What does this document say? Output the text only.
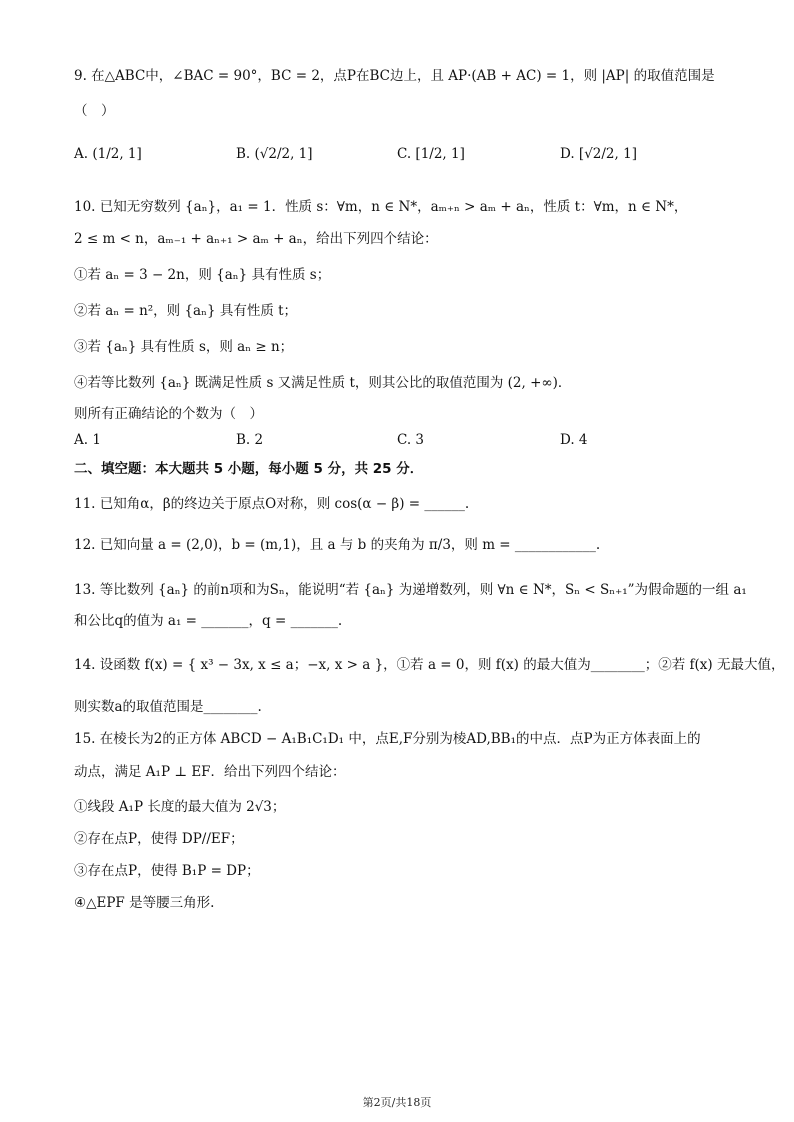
9. 在△ABC中，∠BAC = 90°，BC = 2，点P在BC边上，且 AP·(AB + AC) = 1，则 |AP| 的取值范围是
（　）
A. (1/2, 1]	B. (√2/2, 1]	C. [1/2, 1]	D. [√2/2, 1]
10. 已知无穷数列 {aₙ}，a₁ = 1．性质 s：∀m，n ∈ N*，aₘ₊ₙ > aₘ + aₙ，性质 t：∀m，n ∈ N*，
2 ≤ m < n，aₘ₋₁ + aₙ₊₁ > aₘ + aₙ，给出下列四个结论：
①若 aₙ = 3 − 2n，则 {aₙ} 具有性质 s；
②若 aₙ = n²，则 {aₙ} 具有性质 t；
③若 {aₙ} 具有性质 s，则 aₙ ≥ n；
④若等比数列 {aₙ} 既满足性质 s 又满足性质 t，则其公比的取值范围为 (2, +∞)．
则所有正确结论的个数为（　）
A. 1	B. 2	C. 3	D. 4
二、填空题：本大题共 5 小题，每小题 5 分，共 25 分．
11. 已知角α，β的终边关于原点O对称，则 cos(α − β) = ______.
12. 已知向量 a = (2,0)，b = (m,1)，且 a 与 b 的夹角为 π/3，则 m = ____________.
13. 等比数列 {aₙ} 的前n项和为Sₙ，能说明“若 {aₙ} 为递增数列，则 ∀n ∈ N*，Sₙ < Sₙ₊₁”为假命题的一组 a₁
和公比q的值为 a₁ = _______，q = _______.
14. 设函数 f(x) = { x³ − 3x, x ≤ a；−x, x > a }，①若 a = 0，则 f(x) 的最大值为________；②若 f(x) 无最大值，
则实数a的取值范围是________.
15. 在棱长为2的正方体 ABCD − A₁B₁C₁D₁ 中，点E,F分别为棱AD,BB₁的中点．点P为正方体表面上的
动点，满足 A₁P ⊥ EF．给出下列四个结论：
①线段 A₁P 长度的最大值为 2√3；
②存在点P，使得 DP//EF；
③存在点P，使得 B₁P = DP；
④△EPF 是等腰三角形.
第2页/共18页
